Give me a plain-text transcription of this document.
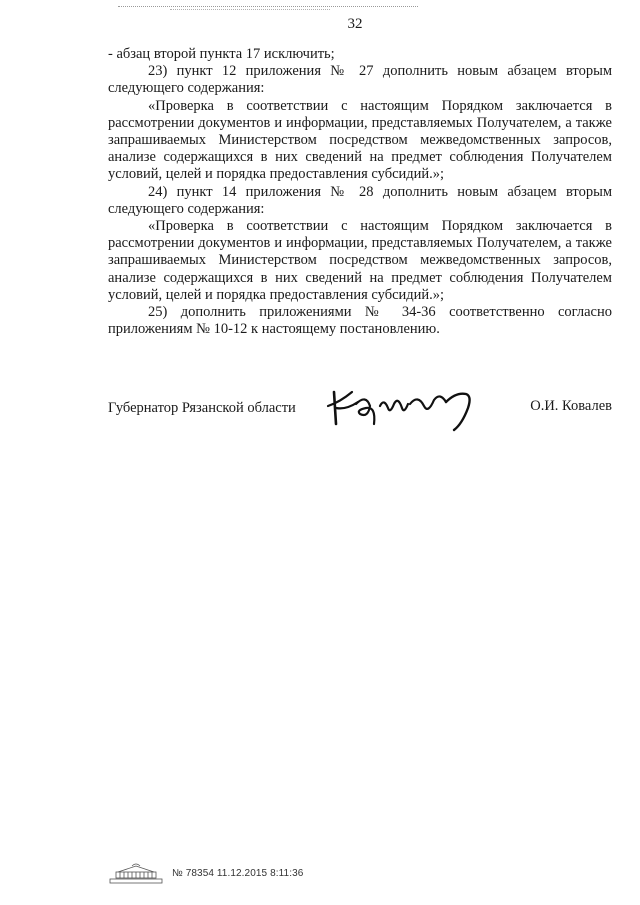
32

- абзац второй пункта 17 исключить;

23) пункт 12 приложения № 27 дополнить новым абзацем вторым следующего содержания:

«Проверка в соответствии с настоящим Порядком заключается в рассмотрении документов и информации, представляемых Получателем, а также запрашиваемых Министерством посредством межведомственных запросов, анализе содержащихся в них сведений на предмет соблюдения Получателем условий, целей и порядка предоставления субсидий.»;

24) пункт 14 приложения № 28 дополнить новым абзацем вторым следующего содержания:

«Проверка в соответствии с настоящим Порядком заключается в рассмотрении документов и информации, представляемых Получателем, а также запрашиваемых Министерством посредством межведомственных запросов, анализе содержащихся в них сведений на предмет соблюдения Получателем условий, целей и порядка предоставления субсидий.»;

25) дополнить приложениями № 34-36 соответственно согласно приложениям № 10-12 к настоящему постановлению.

Губернатор Рязанской области	О.И. Ковалев
№ 78354 11.12.2015 8:11:36
